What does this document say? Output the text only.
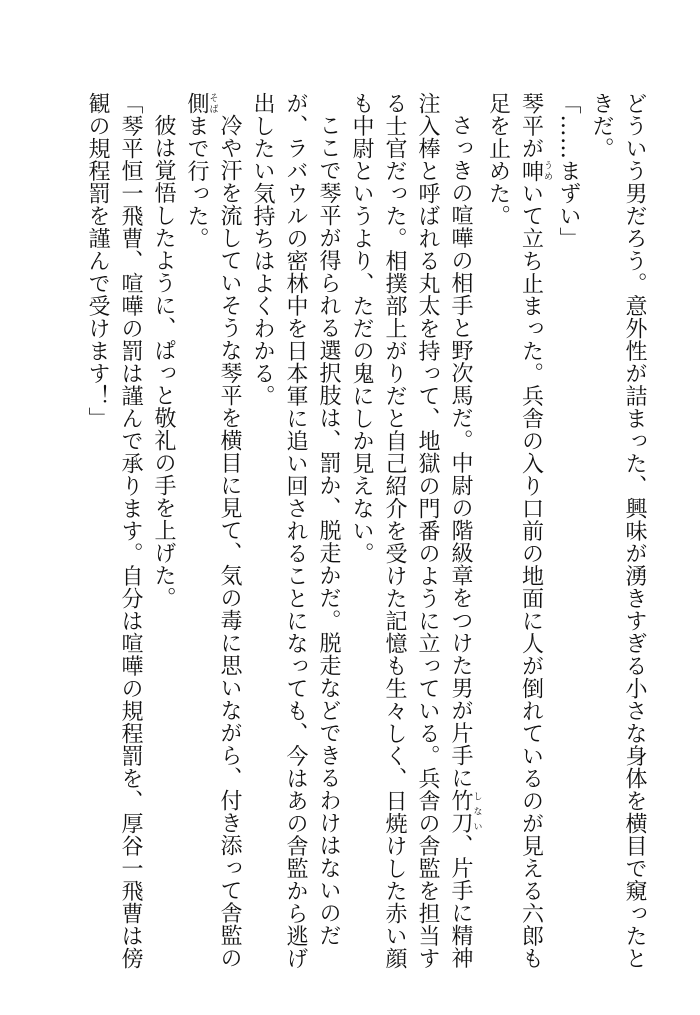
どういう男だろう。意外性が詰まった、興味が湧きすぎる小さな身体を横目で窺ったときだ。

「……まずい」

琴平が呻うめいて立ち止まった。兵舎の入り口前の地面に人が倒れているのが見える六郎も足を止めた。

さっきの喧嘩の相手と野次馬だ。中尉の階級章をつけた男が片手に竹刀しない、片手に精神注入棒と呼ばれる丸太を持って、地獄の門番のように立っている。兵舎の舎監を担当する士官だった。相撲部上がりだと自己紹介を受けた記憶も生々しく、日焼けした赤い顔も中尉というより、ただの鬼にしか見えない。

ここで琴平が得られる選択肢は、罰か、脱走かだ。脱走などできるわけはないのだが、ラバウルの密林中を日本軍に追い回されることになっても、今はあの舎監から逃げ出したい気持ちはよくわかる。

冷や汗を流していそうな琴平を横目に見て、気の毒に思いながら、付き添って舎監の側そばまで行った。

彼は覚悟したように、ぱっと敬礼の手を上げた。

「琴平恒一飛曹、喧嘩の罰は謹んで承ります。自分は喧嘩の規程罰を、厚谷一飛曹は傍観の規程罰を謹んで受けます！」
